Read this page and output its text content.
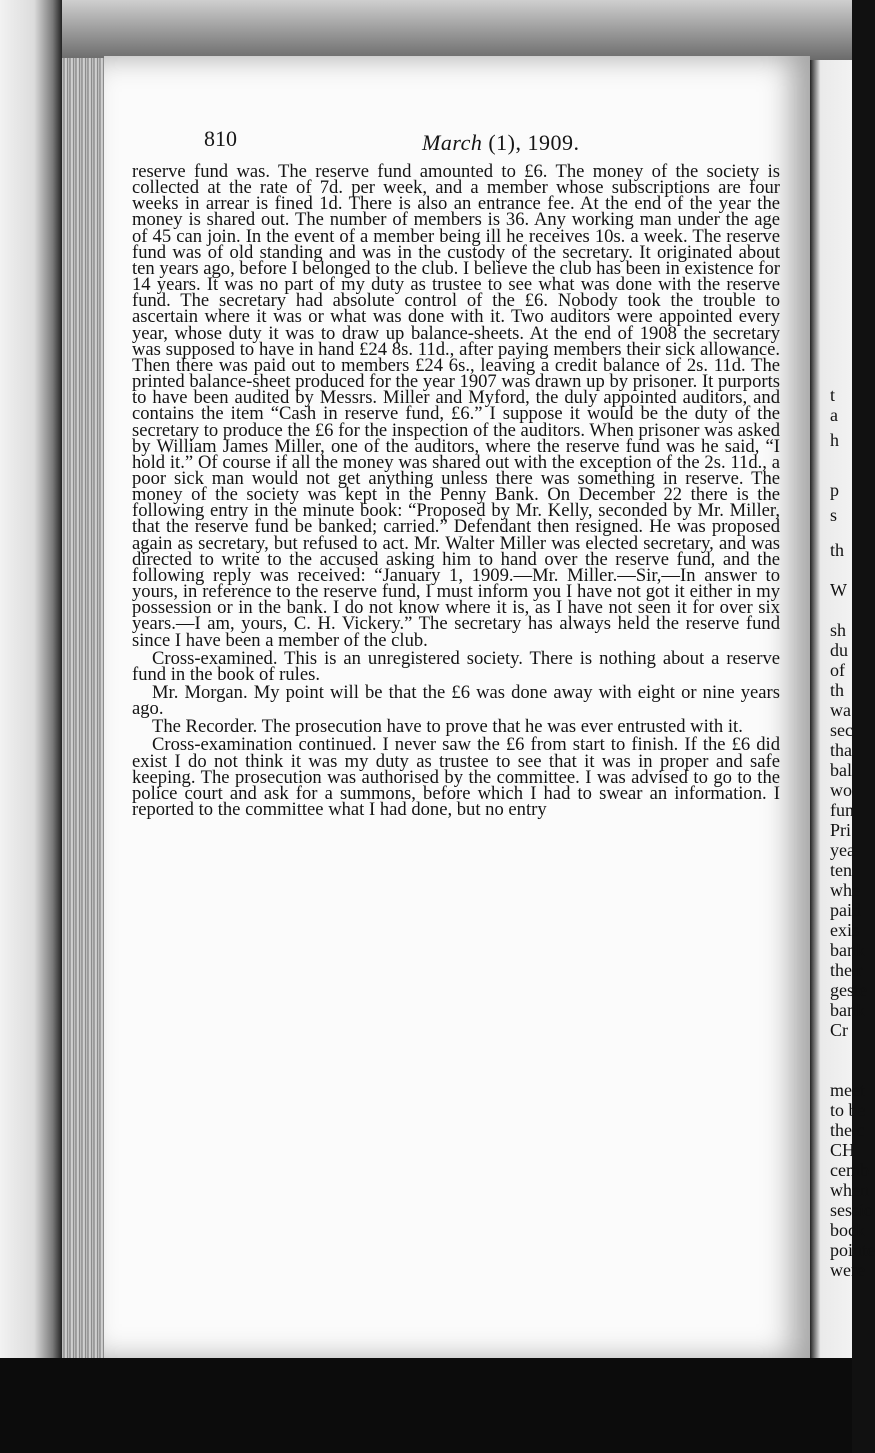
810	March (1), 1909.

reserve fund was. The reserve fund amounted to £6. The money of the society is collected at the rate of 7d. per week, and a member whose subscriptions are four weeks in arrear is fined 1d. There is also an entrance fee. At the end of the year the money is shared out. The number of members is 36. Any working man under the age of 45 can join. In the event of a member being ill he receives 10s. a week. The reserve fund was of old standing and was in the custody of the secretary. It originated about ten years ago, before I belonged to the club. I believe the club has been in existence for 14 years. It was no part of my duty as trustee to see what was done with the reserve fund. The secretary had absolute control of the £6. Nobody took the trouble to ascertain where it was or what was done with it. Two auditors were appointed every year, whose duty it was to draw up balance-sheets. At the end of 1908 the secretary was supposed to have in hand £24 8s. 11d., after paying members their sick allowance. Then there was paid out to members £24 6s., leaving a credit balance of 2s. 11d. The printed balance-sheet produced for the year 1907 was drawn up by prisoner. It purports to have been audited by Messrs. Miller and Myford, the duly appointed auditors, and contains the item “Cash in reserve fund, £6.” I suppose it would be the duty of the secretary to produce the £6 for the inspection of the auditors. When prisoner was asked by William James Miller, one of the auditors, where the reserve fund was he said, “I hold it.” Of course if all the money was shared out with the exception of the 2s. 11d., a poor sick man would not get anything unless there was something in reserve. The money of the society was kept in the Penny Bank. On December 22 there is the following entry in the minute book: “Proposed by Mr. Kelly, seconded by Mr. Miller, that the reserve fund be banked; carried.” Defendant then resigned. He was proposed again as secretary, but refused to act. Mr. Walter Miller was elected secretary, and was directed to write to the accused asking him to hand over the reserve fund, and the following reply was received: “January 1, 1909.—Mr. Miller.—Sir,—In answer to yours, in reference to the reserve fund, I must inform you I have not got it either in my possession or in the bank. I do not know where it is, as I have not seen it for over six years.—I am, yours, C. H. Vickery.” The secretary has always held the reserve fund since I have been a member of the club.

Cross-examined. This is an unregistered society. There is nothing about a reserve fund in the book of rules.

Mr. Morgan. My point will be that the £6 was done away with eight or nine years ago.

The Recorder. The prosecution have to prove that he was ever entrusted with it.

Cross-examination continued. I never saw the £6 from start to finish. If the £6 did exist I do not think it was my duty as trustee to see that it was in proper and safe keeping. The prosecution was authorised by the committee. I was advised to go to the police court and ask for a summons, before which I had to swear an information. I reported to the committee what I had done, but no entry

t
a
h
p
s
th
W
sh
du
of
th
wa
sec
tha
bal
wo
fun
Pri
yea
ten
whe
paid
exis
bank
the r
geste
bank
Cr
meet
to be
the c
CH
cemb
when
sessio
bock
pointe
were
